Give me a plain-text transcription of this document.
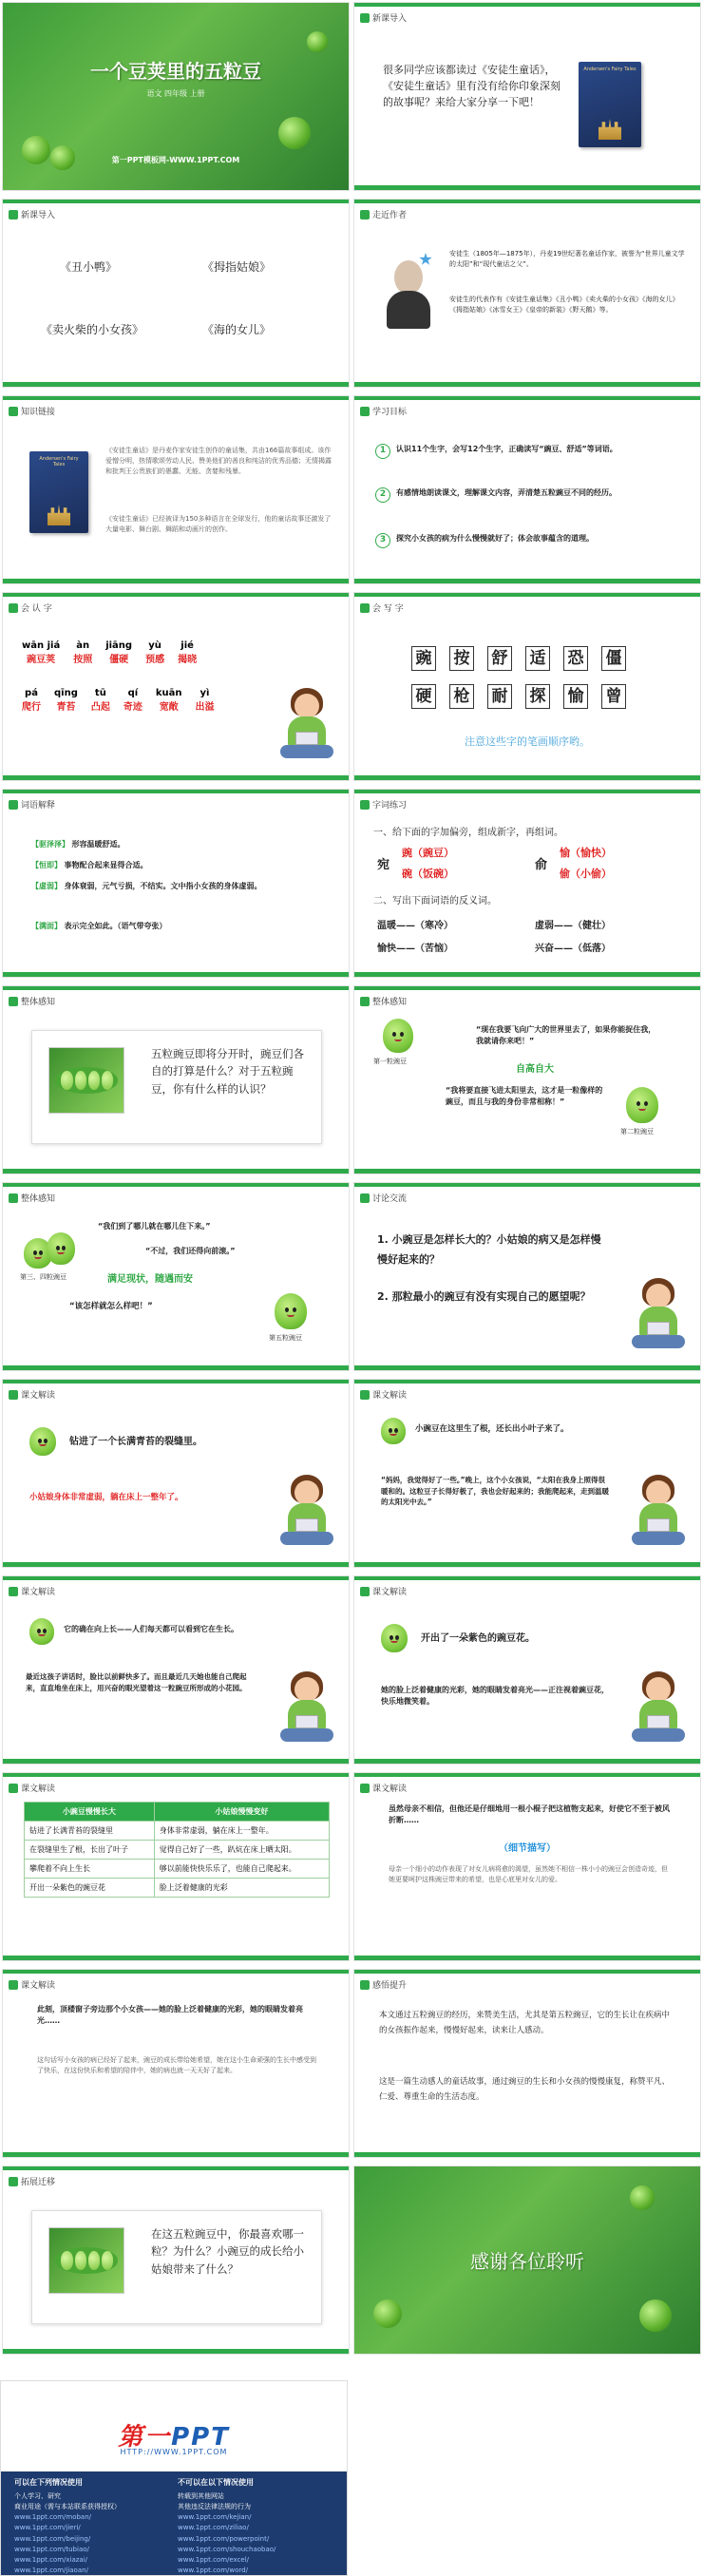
一个豆荚里的五粒豆
语文 四年级 上册
第一PPT模板网-WWW.1PPT.COM
新课导入
很多同学应该都读过《安徒生童话》，《安徒生童话》里有没有给你印象深刻的故事呢？来给大家分享一下吧！
Andersen's Fairy Tales
新课导入
《丑小鸭》	《拇指姑娘》
《卖火柴的小女孩》	《海的女儿》
走近作者
安徒生（1805年—1875年），丹麦19世纪著名童话作家，被誉为“世界儿童文学的太阳”和“现代童话之父”。
安徒生的代表作有《安徒生童话集》《丑小鸭》《卖火柴的小女孩》《海的女儿》《拇指姑娘》《冰雪女王》《皇帝的新装》《野天鹅》等。
知识链接
Andersen's Fairy Tales
《安徒生童话》是丹麦作家安徒生创作的童话集，共由166篇故事组成。该作爱憎分明，热情歌颂劳动人民、赞美他们的善良和纯洁的优秀品德；无情揭露和批判王公贵族们的愚蠢、无能、贪婪和残暴。
《安徒生童话》已经被译为150多种语言在全球发行，他的童话故事还激发了大量电影、舞台剧、舞蹈和动画片的创作。
学习目标
1	认识11个生字，会写12个生字，正确读写“豌豆、舒适”等词语。
2	有感情地朗读课文，理解课文内容，弄清楚五粒豌豆不同的经历。
3	探究小女孩的病为什么慢慢就好了；体会故事蕴含的道理。
会 认 字
wān jiá
豌豆荚
àn
按照
jiāng
僵硬
yù
预感
jié
揭晓
pá
爬行
qīng
青苔
tū
凸起
qí
奇迹
kuān
宽敞
yì
出溢
会 写 字
豌 按 舒 适 恐 僵
硬 枪 耐 探 愉 曾
注意这些字的笔画顺序哟。
词语解释
【驱泽泽】 形容温暖舒适。
【恒即】 事物配合起来显得合适。
【虚弱】 身体衰弱，元气亏损，不结实。文中指小女孩的身体虚弱。
【满面】 表示完全如此。（语气带夸张）
字词练习
一、给下面的字加偏旁，组成新字，再组词。
宛
豌（豌豆）
碗（饭碗）
俞
愉（愉快）
偷（小偷）
二、写出下面词语的反义词。
温暖——（寒冷）	虚弱——（健壮）
愉快——（苦恼）	兴奋——（低落）
整体感知
五粒豌豆即将分开时，豌豆们各自的打算是什么？对于五粒豌豆，你有什么样的认识？
整体感知
第一粒豌豆
“现在我要飞向广大的世界里去了，如果你能捉住我，我就请你来吧！”
自高自大
“我将要直接飞进太阳里去，这才是一粒像样的豌豆，而且与我的身份非常相称！”
第二粒豌豆
整体感知
第三、四粒豌豆
“我们到了哪儿就在哪儿住下来。”
“不过，我们还得向前滚。”
满足现状，随遇而安
“该怎样就怎么样吧！”
第五粒豌豆
讨论交流
1. 小豌豆是怎样长大的？小姑娘的病又是怎样慢慢好起来的？
2. 那粒最小的豌豆有没有实现自己的愿望呢？
课文解读
钻进了一个长满青苔的裂缝里。
小姑娘身体非常虚弱，躺在床上一整年了。
课文解读
小豌豆在这里生了根，还长出小叶子来了。
“妈妈，我觉得好了一些。”晚上，这个小女孩说，“太阳在我身上照得很暖和的。这粒豆子长得好极了，我也会好起来的；我能爬起来，走到温暖的太阳光中去。”
课文解读
它的确在向上长——人们每天都可以看到它在生长。
最近这孩子讲话时，脸比以前鲜快多了。而且最近几天她也能自己爬起来，直直地坐在床上，用兴奋的眼光望着这一粒豌豆所形成的小花园。
课文解读
开出了一朵紫色的豌豆花。
她的脸上泛着健康的光彩，她的眼睛发着亮光——正注视着豌豆花，快乐地微笑着。
课文解读
小豌豆慢慢长大	小姑娘慢慢变好
钻进了长满青苔的裂缝里	身体非常虚弱，躺在床上一整年。
在裂缝里生了根，长出了叶子	觉得自己好了一些，趴炕在床上晒太阳。
攀爬着不向上生长	够以前能快快乐乐了，也能自己爬起来。
开出一朵紫色的豌豆花	脸上泛着健康的光彩
课文解读
虽然母亲不相信，但他还是仔细地用一根小棍子把这植物支起来，好使它不至于被风折断……
（细节描写）
母亲一个细小的动作表现了对女儿病将愈的渴望，虽然她不相信一株小小的豌豆会创造奇迹，但她更要呵护这株豌豆带来的希望，也是心底里对女儿的爱。
课文解读
此刻，顶楼窗子旁边那个小女孩——她的脸上泛着健康的光彩，她的眼睛发着亮光……
这句话写小女孩的病已经好了起来，豌豆的成长带给她希望，她在这小生命顽强的生长中感受到了快乐，在这份快乐和希望的陪伴中，她的病也就一天天好了起来。
感悟提升
本文通过五粒豌豆的经历，来赞美生活，尤其是第五粒豌豆，它的生长让在疾病中的女孩振作起来，慢慢好起来，读来让人感动。
这是一篇生动感人的童话故事，通过豌豆的生长和小女孩的慢慢康复，称赞平凡、仁爱、尊重生命的生活态度。
拓展迁移
在这五粒豌豆中，你最喜欢哪一粒？为什么？小豌豆的成长给小姑娘带来了什么？	感谢各位聆听
第一PPT
HTTP://WWW.1PPT.COM
可以在下列情况使用
个人学习、研究
商业用途（需与本站联系获得授权）
www.1ppt.com/moban/
www.1ppt.com/jieri/
www.1ppt.com/beijing/
www.1ppt.com/tubiao/
www.1ppt.com/xiazai/
www.1ppt.com/jiaoan/
不可以在以下情况使用
转载到其他网站
其他违反法律法规的行为
www.1ppt.com/kejian/
www.1ppt.com/ziliao/
www.1ppt.com/powerpoint/
www.1ppt.com/shouchaobao/
www.1ppt.com/excel/
www.1ppt.com/word/
